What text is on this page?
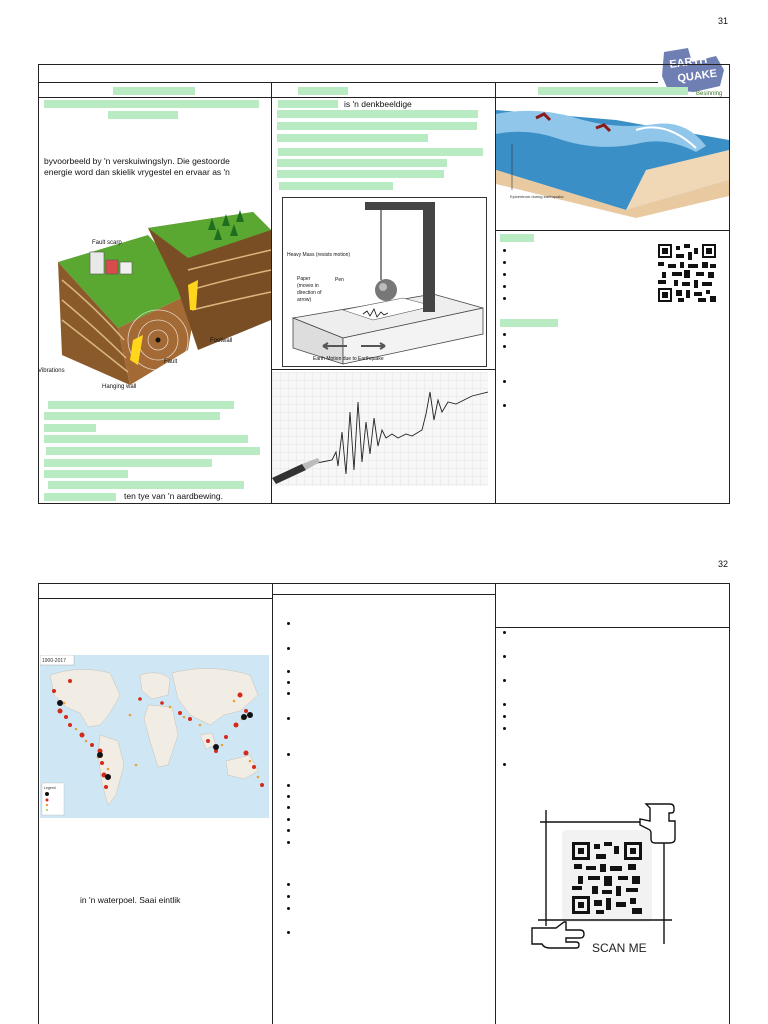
31
EARTH
QUAKE
Besinning
byvoorbeeld by 'n verskuiwingslyn. Die gestoorde
energie word dan skielik vrygestel en ervaar as 'n
Fault scarp
Footwall
Fault
Vibrations
Hanging wall
ten tye van 'n aardbewing.
is 'n denkbeeldige
Heavy Mass (resists motion)
Paper
(moves in
direction of
arrow)
Pen
Earth Motion due to Earthquake
Epicentrum during earthquake
32
1900-2017
Legend
in 'n waterpoel. Saai eintlik
SCAN ME
